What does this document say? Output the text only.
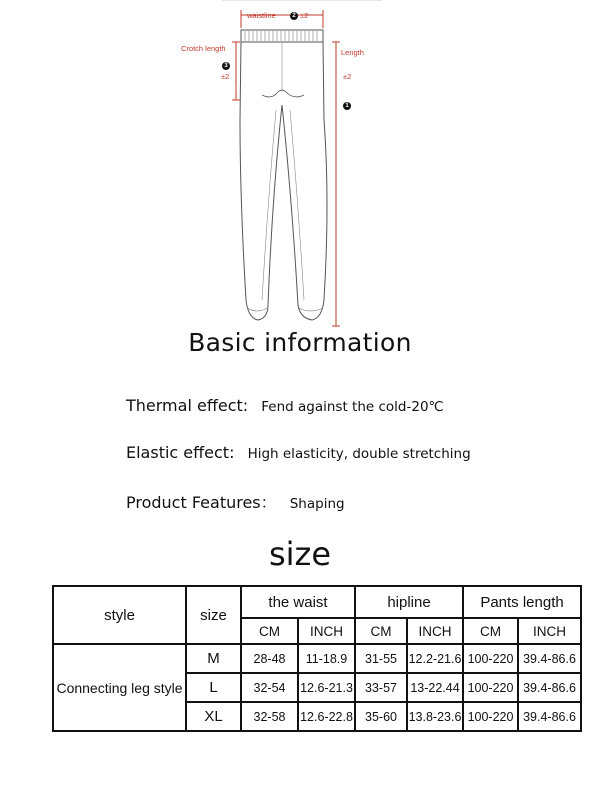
waistline	2 ±2
Crotch length
3
±2
Length
±2
1
Basic information
Thermal effect: Fend against the cold-20℃
Elastic effect: High elasticity, double stretching
Product Features： Shaping
size
style	size	the waist		hipline		Pants length	
		CM	INCH	CM	INCH	CM	INCH
Connecting leg style	M	28-48	11-18.9	31-55	12.2-21.6	100-220	39.4-86.6
	L	32-54	12.6-21.3	33-57	13-22.44	100-220	39.4-86.6
	XL	32-58	12.6-22.8	35-60	13.8-23.6	100-220	39.4-86.6
